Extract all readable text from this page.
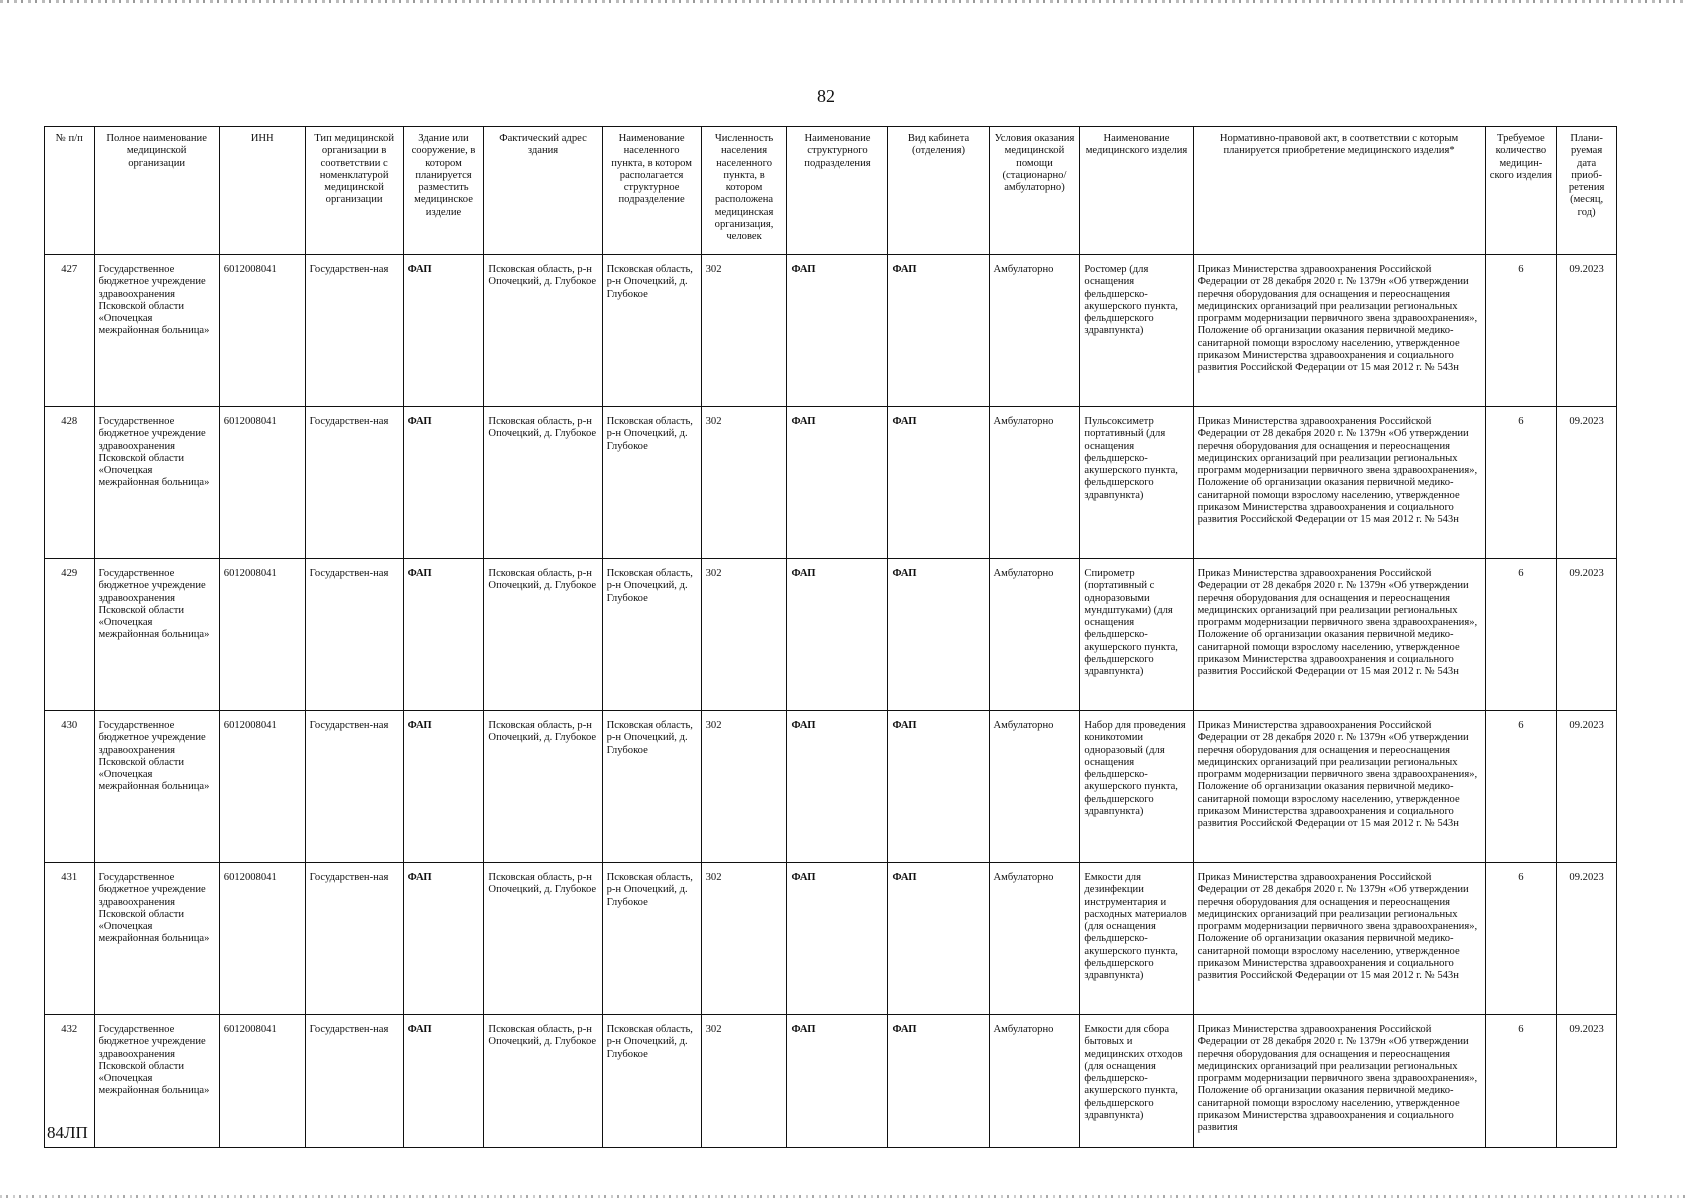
82
№ п/п	Полное наименование медицинской организации	ИНН	Тип медицинской организации в соответствии с номенклатурой медицинской организации	Здание или сооружение, в котором планируется разместить медицинское изделие	Фактический адрес здания	Наименование населенного пункта, в котором располагается структурное подразделение	Численность населения населенного пункта, в котором расположена медицинская организация, человек	Наименование структурного подразделения	Вид кабинета (отделения)	Условия оказания медицинской помощи (стационарно/ амбулаторно)	Наименование медицинского изделия	Нормативно-правовой акт, в соответствии с которым планируется приобретение медицинского изделия*	Требуемое количество медицин-ского изделия	Плани-руемая дата приоб-ретения (месяц, год)
427	Государственное бюджетное учреждение здравоохранения Псковской области «Опочецкая межрайонная больница»	6012008041	Государствен-ная	ФАП	Псковская область, р-н Опочецкий, д. Глубокое	Псковская область, р-н Опочецкий, д. Глубокое	302	ФАП	ФАП	Амбулаторно	Ростомер (для оснащения фельдшерско-акушерского пункта, фельдшерского здравпункта)	Приказ Министерства здравоохранения Российской Федерации от 28 декабря 2020 г. № 1379н «Об утверждении перечня оборудования для оснащения и переоснащения медицинских организаций при реализации региональных программ модернизации первичного звена здравоохранения», Положение об организации оказания первичной медико-санитарной помощи взрослому населению, утвержденное приказом Министерства здравоохранения и социального развития Российской Федерации от 15 мая 2012 г. № 543н	6	09.2023
428	Государственное бюджетное учреждение здравоохранения Псковской области «Опочецкая межрайонная больница»	6012008041	Государствен-ная	ФАП	Псковская область, р-н Опочецкий, д. Глубокое	Псковская область, р-н Опочецкий, д. Глубокое	302	ФАП	ФАП	Амбулаторно	Пульсоксиметр портативный (для оснащения фельдшерско-акушерского пункта, фельдшерского здравпункта)	Приказ Министерства здравоохранения Российской Федерации от 28 декабря 2020 г. № 1379н «Об утверждении перечня оборудования для оснащения и переоснащения медицинских организаций при реализации региональных программ модернизации первичного звена здравоохранения», Положение об организации оказания первичной медико-санитарной помощи взрослому населению, утвержденное приказом Министерства здравоохранения и социального развития Российской Федерации от 15 мая 2012 г. № 543н	6	09.2023
429	Государственное бюджетное учреждение здравоохранения Псковской области «Опочецкая межрайонная больница»	6012008041	Государствен-ная	ФАП	Псковская область, р-н Опочецкий, д. Глубокое	Псковская область, р-н Опочецкий, д. Глубокое	302	ФАП	ФАП	Амбулаторно	Спирометр (портативный с одноразовыми мундштуками) (для оснащения фельдшерско-акушерского пункта, фельдшерского здравпункта)	Приказ Министерства здравоохранения Российской Федерации от 28 декабря 2020 г. № 1379н «Об утверждении перечня оборудования для оснащения и переоснащения медицинских организаций при реализации региональных программ модернизации первичного звена здравоохранения», Положение об организации оказания первичной медико-санитарной помощи взрослому населению, утвержденное приказом Министерства здравоохранения и социального развития Российской Федерации от 15 мая 2012 г. № 543н	6	09.2023
430	Государственное бюджетное учреждение здравоохранения Псковской области «Опочецкая межрайонная больница»	6012008041	Государствен-ная	ФАП	Псковская область, р-н Опочецкий, д. Глубокое	Псковская область, р-н Опочецкий, д. Глубокое	302	ФАП	ФАП	Амбулаторно	Набор для проведения коникотомии одноразовый (для оснащения фельдшерско-акушерского пункта, фельдшерского здравпункта)	Приказ Министерства здравоохранения Российской Федерации от 28 декабря 2020 г. № 1379н «Об утверждении перечня оборудования для оснащения и переоснащения медицинских организаций при реализации региональных программ модернизации первичного звена здравоохранения», Положение об организации оказания первичной медико-санитарной помощи взрослому населению, утвержденное приказом Министерства здравоохранения и социального развития Российской Федерации от 15 мая 2012 г. № 543н	6	09.2023
431	Государственное бюджетное учреждение здравоохранения Псковской области «Опочецкая межрайонная больница»	6012008041	Государствен-ная	ФАП	Псковская область, р-н Опочецкий, д. Глубокое	Псковская область, р-н Опочецкий, д. Глубокое	302	ФАП	ФАП	Амбулаторно	Емкости для дезинфекции инструментария и расходных материалов (для оснащения фельдшерско-акушерского пункта, фельдшерского здравпункта)	Приказ Министерства здравоохранения Российской Федерации от 28 декабря 2020 г. № 1379н «Об утверждении перечня оборудования для оснащения и переоснащения медицинских организаций при реализации региональных программ модернизации первичного звена здравоохранения», Положение об организации оказания первичной медико-санитарной помощи взрослому населению, утвержденное приказом Министерства здравоохранения и социального развития Российской Федерации от 15 мая 2012 г. № 543н	6	09.2023
432	Государственное бюджетное учреждение здравоохранения Псковской области «Опочецкая межрайонная больница»	6012008041	Государствен-ная	ФАП	Псковская область, р-н Опочецкий, д. Глубокое	Псковская область, р-н Опочецкий, д. Глубокое	302	ФАП	ФАП	Амбулаторно	Емкости для сбора бытовых и медицинских отходов (для оснащения фельдшерско-акушерского пункта, фельдшерского здравпункта)	Приказ Министерства здравоохранения Российской Федерации от 28 декабря 2020 г. № 1379н «Об утверждении перечня оборудования для оснащения и переоснащения медицинских организаций при реализации региональных программ модернизации первичного звена здравоохранения», Положение об организации оказания первичной медико-санитарной помощи взрослому населению, утвержденное приказом Министерства здравоохранения и социального развития	6	09.2023
84ЛП
